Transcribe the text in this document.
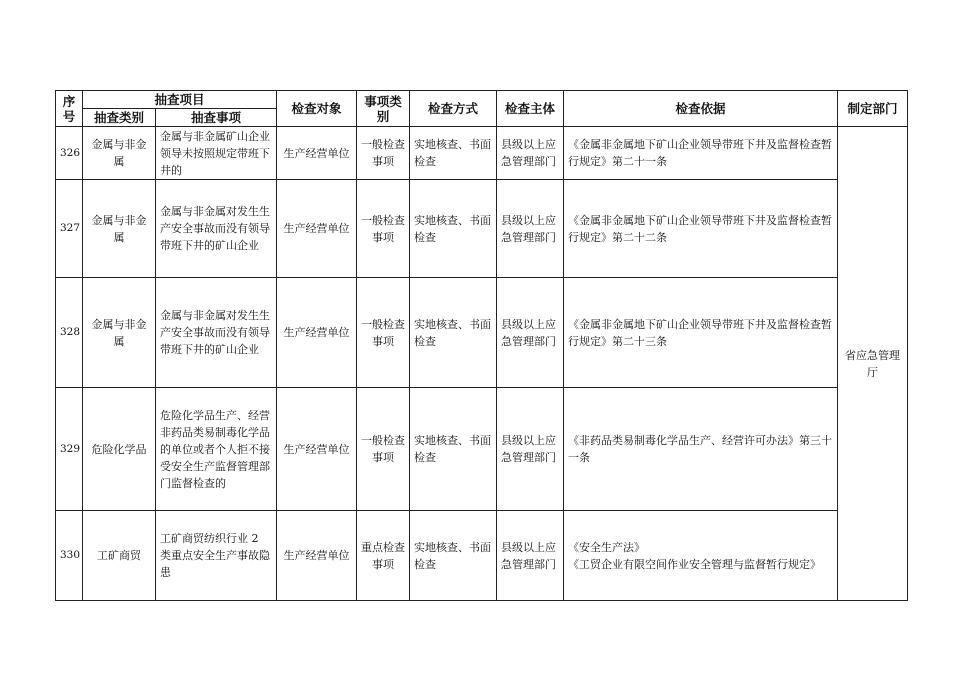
序号	抽查项目		检查对象	事项类别	检查方式	检查主体	检查依据	制定部门
	抽查类别	抽查事项						
326	金属与非金属	金属与非金属矿山企业领导未按照规定带班下井的	生产经营单位	一般检查事项	实地核查、书面检查	县级以上应急管理部门	《金属非金属地下矿山企业领导带班下井及监督检查暂行规定》第二十一条	省应急管理厅
327	金属与非金属	金属与非金属对发生生产安全事故而没有领导带班下井的矿山企业	生产经营单位	一般检查事项	实地核查、书面检查	县级以上应急管理部门	《金属非金属地下矿山企业领导带班下井及监督检查暂行规定》第二十二条	
328	金属与非金属	金属与非金属对发生生产安全事故而没有领导带班下井的矿山企业	生产经营单位	一般检查事项	实地核查、书面检查	县级以上应急管理部门	《金属非金属地下矿山企业领导带班下井及监督检查暂行规定》第二十三条	
329	危险化学品	危险化学品生产、经营非药品类易制毒化学品的单位或者个人拒不接受安全生产监督管理部门监督检查的	生产经营单位	一般检查事项	实地核查、书面检查	县级以上应急管理部门	《非药品类易制毒化学品生产、经营许可办法》第三十一条	
330	工矿商贸	工矿商贸纺织行业 2 类重点安全生产事故隐患	生产经营单位	重点检查事项	实地核查、书面检查	县级以上应急管理部门	《安全生产法》
《工贸企业有限空间作业安全管理与监督暂行规定》	
